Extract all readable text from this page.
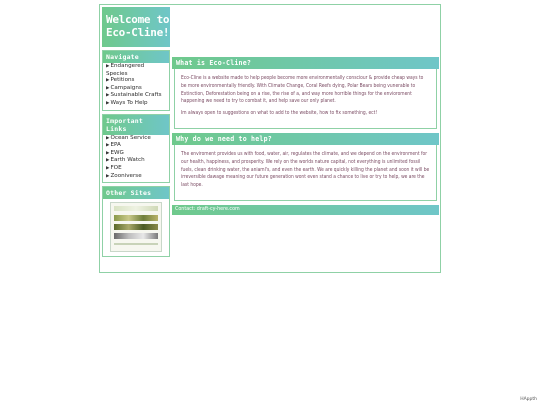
Welcome to
Eco-Cline!
Navigate
▶Endangered Species
▶Petitions
▶Campaigns
▶Sustainable Crafts
▶Ways To Help
Important Links
▶Ocean Service
▶EPA
▶EWG
▶Earth Watch
▶FOE
▶Zooniverse
Other Sites
What is Eco-Cline?

Eco-Cline is a website made to help people become more environmentally consciour & provide cheap ways to be more environmentally friendly. With Climate Change, Coral Reefs dying, Polar Bears being vunerable to Extinction, Deforestation being on a rise, the rise of a, and way more horrible things for the envioroment happening we need to try to combat it, and help save our only planet.

Im always open to suggestions on what to add to the website, how to fix something, ect!

Why do we need to help?

The enviroment provides us with food, water, air, regulates the climate, and we depend on the environment for our health, happiness, and prosperity. We rely on the worlds nature capital, not everything is unlimited fossil fuels, clean drinking water, the aniaml's, and even the earth. We are quickly killing the planet and soon it will be irreversible dawage meaning our future generation wont even stand a chance to live or try to help, we are the last hope.

Contact: draft-cy-here.com
HAppth
